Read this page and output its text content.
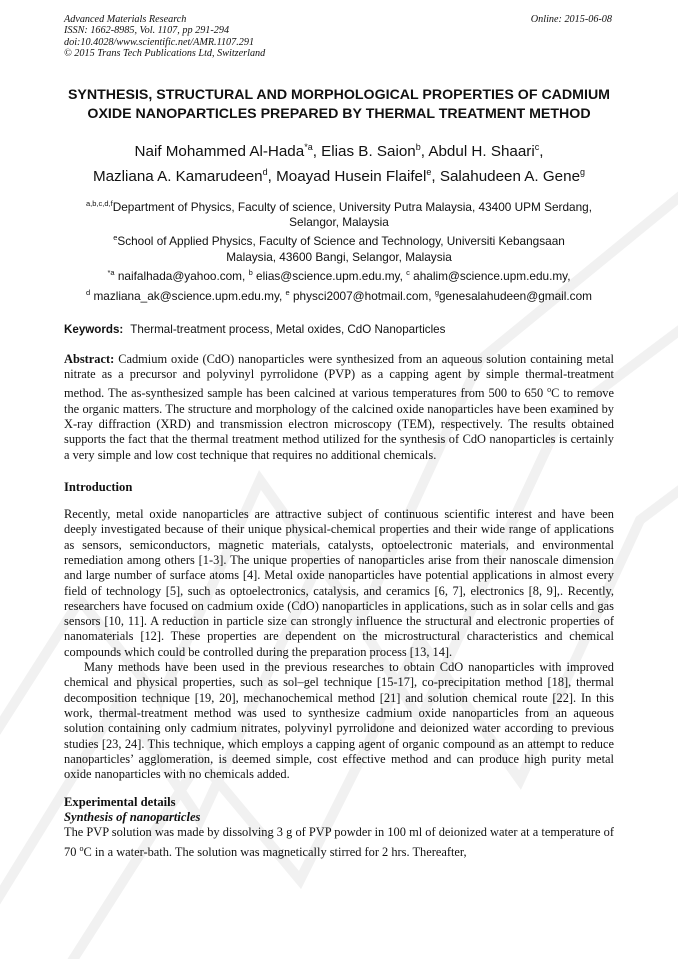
Advanced Materials Research
ISSN: 1662-8985, Vol. 1107, pp 291-294
doi:10.4028/www.scientific.net/AMR.1107.291
© 2015 Trans Tech Publications Ltd, Switzerland
Online: 2015-06-08
SYNTHESIS, STRUCTURAL AND MORPHOLOGICAL PROPERTIES OF CADMIUM OXIDE NANOPARTICLES PREPARED BY THERMAL TREATMENT METHOD
Naif Mohammed Al-Hada$^{*a}$, Elias B. Saion$^b$, Abdul H. Shaari$^c$,
Mazliana A. Kamarudeen$^d$, Moayad Husein Flaifel$^e$, Salahudeen A. Gene$^g$
$^{a,b,c,d,f}$Department of Physics, Faculty of science, University Putra Malaysia, 43400 UPM Serdang,
Selangor, Malaysia
$^e$School of Applied Physics, Faculty of Science and Technology, Universiti Kebangsaan
Malaysia, 43600 Bangi, Selangor, Malaysia
$^{*a}$ naifalhada@yahoo.com, $^b$ elias@science.upm.edu.my, $^c$ ahalim@science.upm.edu.my,
$^d$ mazliana_ak@science.upm.edu.my, $^e$ physci2007@hotmail.com, $^g$genesalahudeen@gmail.com
Keywords: Thermal-treatment process, Metal oxides, CdO Nanoparticles

Abstract: Cadmium oxide (CdO) nanoparticles were synthesized from an aqueous solution containing metal nitrate as a precursor and polyvinyl pyrrolidone (PVP) as a capping agent by simple thermal-treatment method. The as-synthesized sample has been calcined at various temperatures from 500 to 650 $^o$C to remove the organic matters. The structure and morphology of the calcined oxide nanoparticles have been examined by X-ray diffraction (XRD) and transmission electron microscopy (TEM), respectively. The results obtained supports the fact that the thermal treatment method utilized for the synthesis of CdO nanoparticles is certainly a very simple and low cost technique that requires no additional chemicals.

Introduction

Recently, metal oxide nanoparticles are attractive subject of continuous scientific interest and have been deeply investigated because of their unique physical-chemical properties and their wide range of applications as sensors, semiconductors, magnetic materials, catalysts, optoelectronic materials, and environmental remediation among others [1-3]. The unique properties of nanoparticles arise from their nanoscale dimension and large number of surface atoms [4]. Metal oxide nanoparticles have potential applications in almost every field of technology [5], such as optoelectronics, catalysis, and ceramics [6, 7], electronics [8, 9],. Recently, researchers have focused on cadmium oxide (CdO) nanoparticles in applications, such as in solar cells and gas sensors [10, 11]. A reduction in particle size can strongly influence the structural and electronic properties of nanomaterials [12]. These properties are dependent on the microstructural characteristics and chemical compounds which could be controlled during the preparation process [13, 14].

Many methods have been used in the previous researches to obtain CdO nanoparticles with improved chemical and physical properties, such as sol–gel technique [15-17], co-precipitation method [18], thermal decomposition technique [19, 20], mechanochemical method [21] and solution chemical route [22]. In this work, thermal-treatment method was used to synthesize cadmium oxide nanoparticles from an aqueous solution containing only cadmium nitrates, polyvinyl pyrrolidone and deionized water according to previous studies [23, 24]. This technique, which employs a capping agent of organic compound as an attempt to reduce nanoparticles’ agglomeration, is deemed simple, cost effective method and can produce high purity metal oxide nanoparticles with no chemicals added.

Experimental details
Synthesis of nanoparticles

The PVP solution was made by dissolving 3 g of PVP powder in 100 ml of deionized water at a temperature of 70 $^o$C in a water-bath. The solution was magnetically stirred for 2 hrs. Thereafter,
